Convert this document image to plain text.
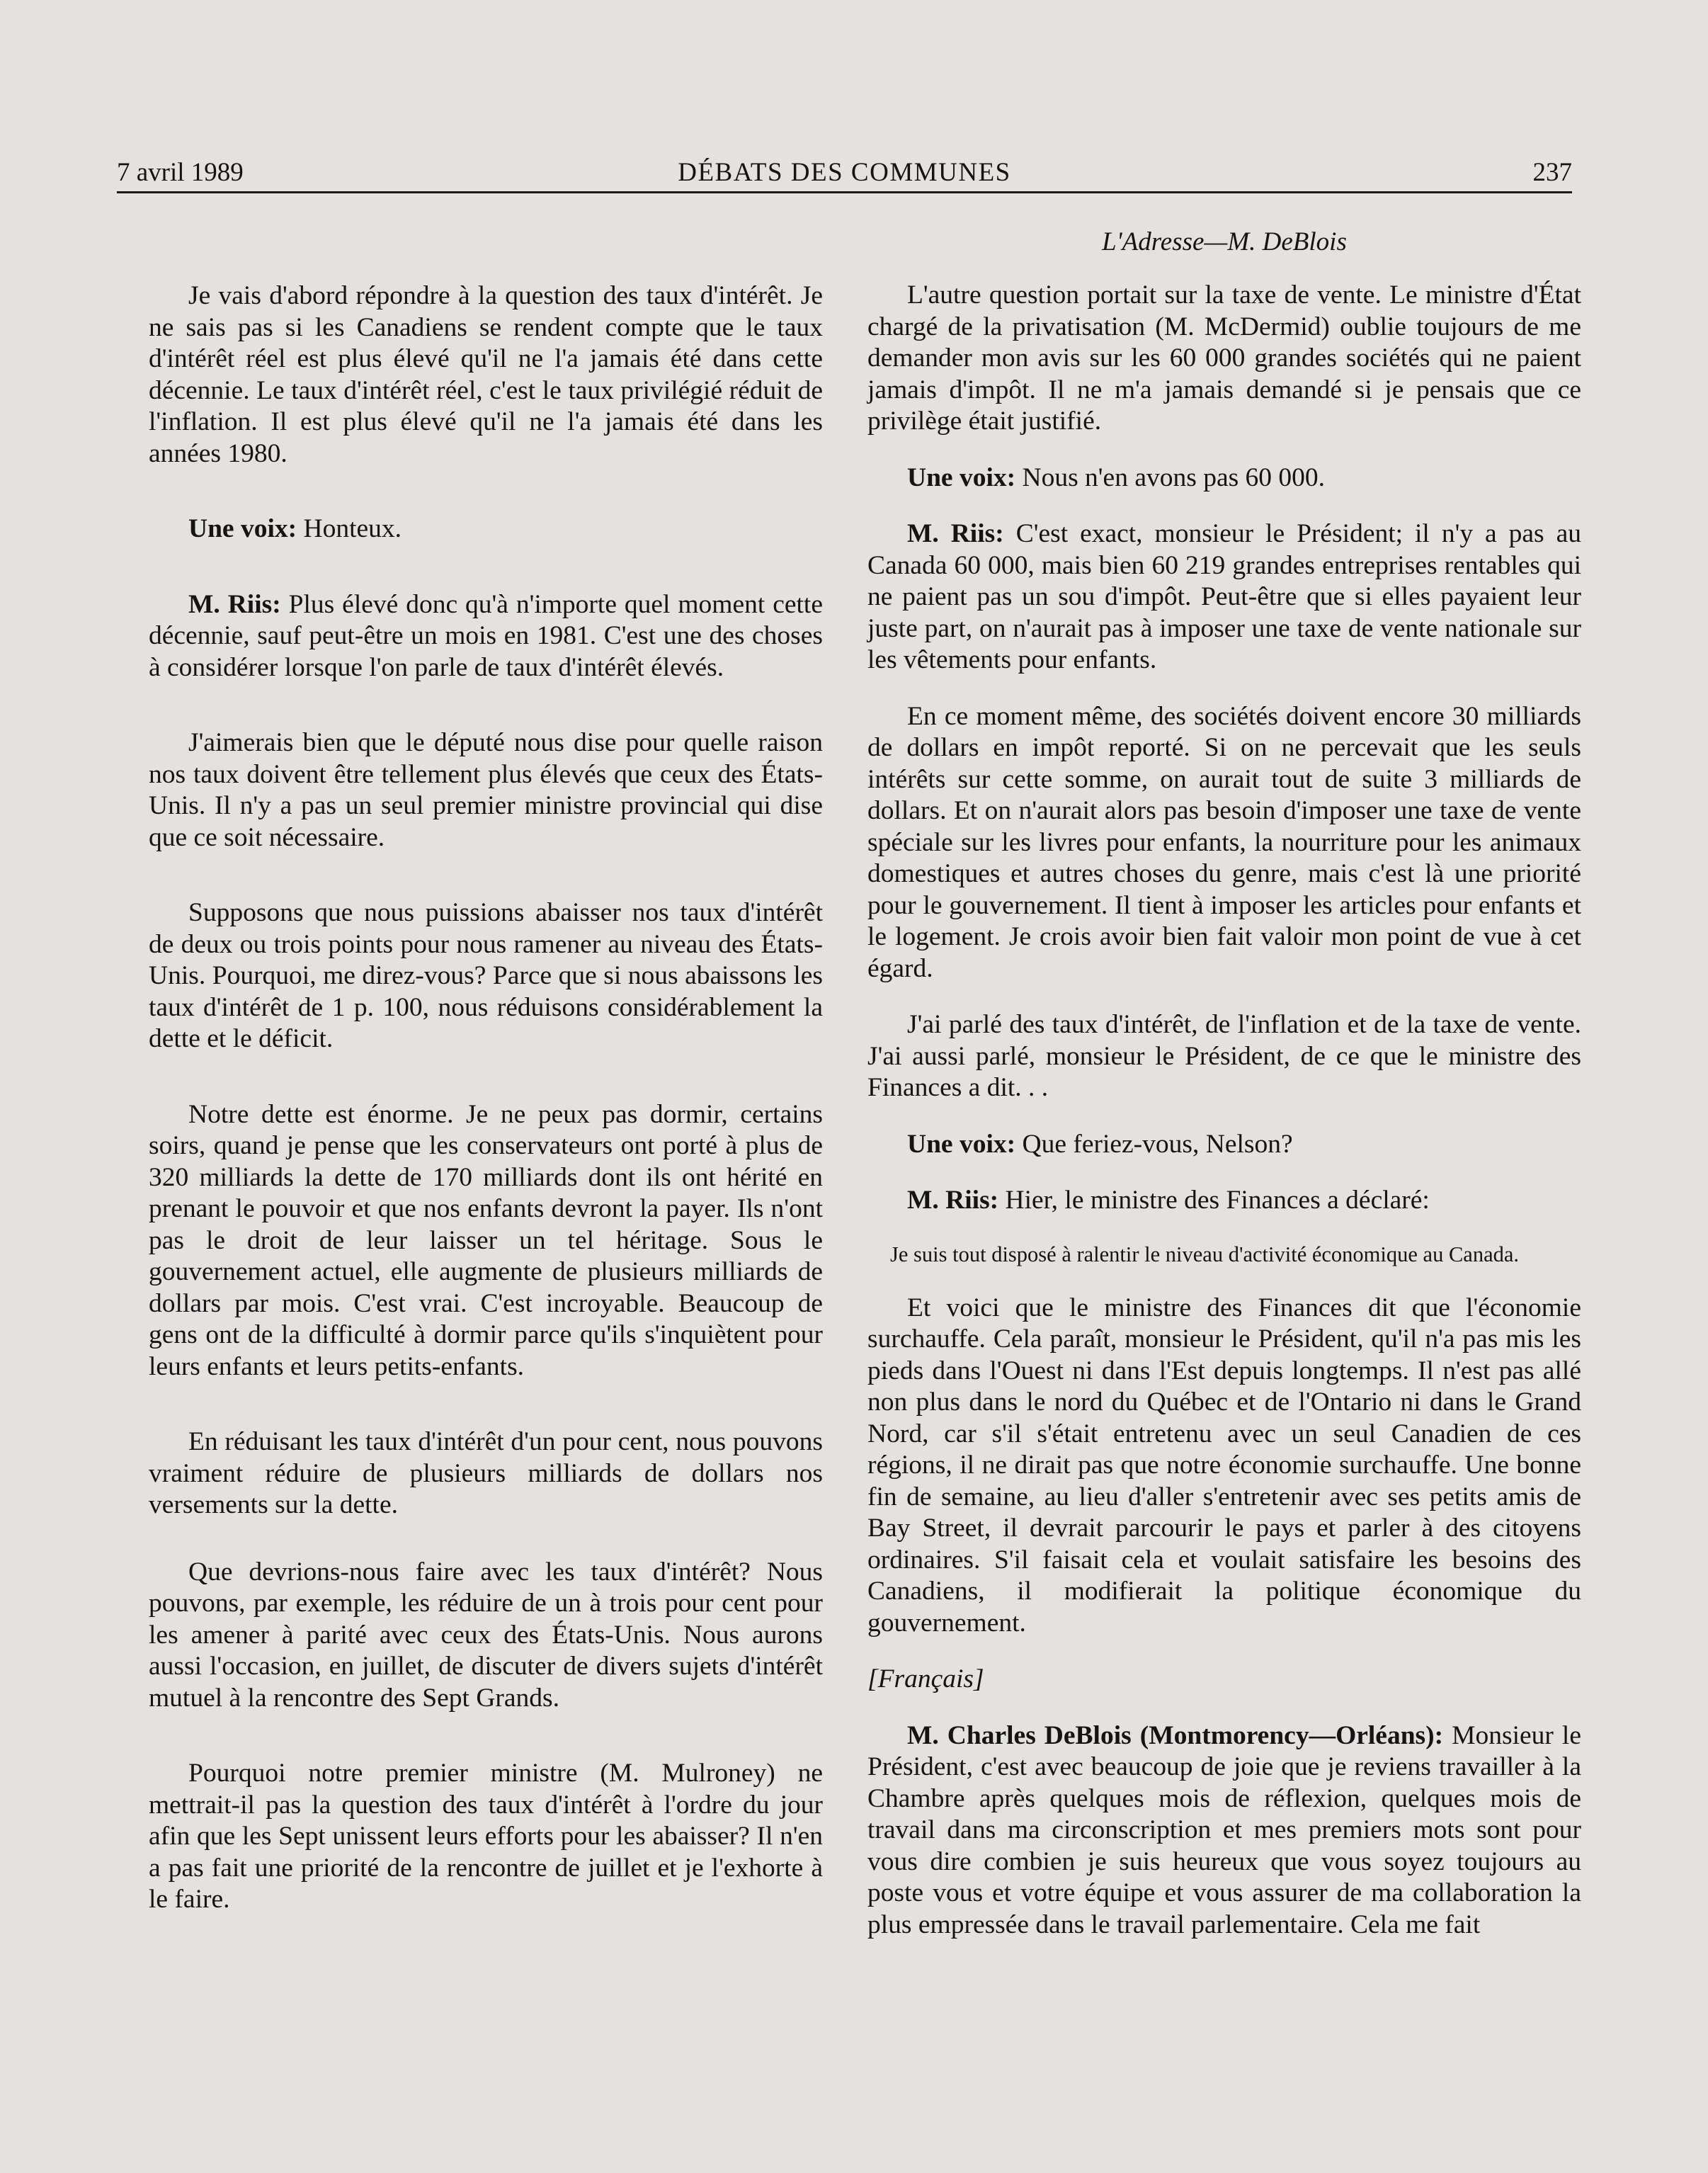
7 avril 1989	DÉBATS DES COMMUNES	237

Je vais d'abord répondre à la question des taux d'intérêt. Je ne sais pas si les Canadiens se rendent compte que le taux d'intérêt réel est plus élevé qu'il ne l'a jamais été dans cette décennie. Le taux d'intérêt réel, c'est le taux privilégié réduit de l'inflation. Il est plus élevé qu'il ne l'a jamais été dans les années 1980.

Une voix: Honteux.

M. Riis: Plus élevé donc qu'à n'importe quel moment cette décennie, sauf peut-être un mois en 1981. C'est une des choses à considérer lorsque l'on parle de taux d'intérêt élevés.

J'aimerais bien que le député nous dise pour quelle raison nos taux doivent être tellement plus élevés que ceux des États-Unis. Il n'y a pas un seul premier ministre provincial qui dise que ce soit nécessaire.

Supposons que nous puissions abaisser nos taux d'intérêt de deux ou trois points pour nous ramener au niveau des États-Unis. Pourquoi, me direz-vous? Parce que si nous abaissons les taux d'intérêt de 1 p. 100, nous réduisons considérablement la dette et le déficit.

Notre dette est énorme. Je ne peux pas dormir, certains soirs, quand je pense que les conservateurs ont porté à plus de 320 milliards la dette de 170 milliards dont ils ont hérité en prenant le pouvoir et que nos enfants devront la payer. Ils n'ont pas le droit de leur laisser un tel héritage. Sous le gouvernement actuel, elle augmente de plusieurs milliards de dollars par mois. C'est vrai. C'est incroyable. Beaucoup de gens ont de la difficulté à dormir parce qu'ils s'inquiètent pour leurs enfants et leurs petits-enfants.

En réduisant les taux d'intérêt d'un pour cent, nous pouvons vraiment réduire de plusieurs milliards de dollars nos versements sur la dette.

Que devrions-nous faire avec les taux d'intérêt? Nous pouvons, par exemple, les réduire de un à trois pour cent pour les amener à parité avec ceux des États-Unis. Nous aurons aussi l'occasion, en juillet, de discuter de divers sujets d'intérêt mutuel à la rencontre des Sept Grands.

Pourquoi notre premier ministre (M. Mulroney) ne mettrait-il pas la question des taux d'intérêt à l'ordre du jour afin que les Sept unissent leurs efforts pour les abaisser? Il n'en a pas fait une priorité de la rencontre de juillet et je l'exhorte à le faire.

L'Adresse—M. DeBlois

L'autre question portait sur la taxe de vente. Le ministre d'État chargé de la privatisation (M. McDermid) oublie toujours de me demander mon avis sur les 60 000 grandes sociétés qui ne paient jamais d'impôt. Il ne m'a jamais demandé si je pensais que ce privilège était justifié.

Une voix: Nous n'en avons pas 60 000.

M. Riis: C'est exact, monsieur le Président; il n'y a pas au Canada 60 000, mais bien 60 219 grandes entreprises rentables qui ne paient pas un sou d'impôt. Peut-être que si elles payaient leur juste part, on n'aurait pas à imposer une taxe de vente nationale sur les vêtements pour enfants.

En ce moment même, des sociétés doivent encore 30 milliards de dollars en impôt reporté. Si on ne percevait que les seuls intérêts sur cette somme, on aurait tout de suite 3 milliards de dollars. Et on n'aurait alors pas besoin d'imposer une taxe de vente spéciale sur les livres pour enfants, la nourriture pour les animaux domestiques et autres choses du genre, mais c'est là une priorité pour le gouvernement. Il tient à imposer les articles pour enfants et le logement. Je crois avoir bien fait valoir mon point de vue à cet égard.

J'ai parlé des taux d'intérêt, de l'inflation et de la taxe de vente. J'ai aussi parlé, monsieur le Président, de ce que le ministre des Finances a dit. . .

Une voix: Que feriez-vous, Nelson?

M. Riis: Hier, le ministre des Finances a déclaré:

Je suis tout disposé à ralentir le niveau d'activité économique au Canada.

Et voici que le ministre des Finances dit que l'économie surchauffe. Cela paraît, monsieur le Président, qu'il n'a pas mis les pieds dans l'Ouest ni dans l'Est depuis longtemps. Il n'est pas allé non plus dans le nord du Québec et de l'Ontario ni dans le Grand Nord, car s'il s'était entretenu avec un seul Canadien de ces régions, il ne dirait pas que notre économie surchauffe. Une bonne fin de semaine, au lieu d'aller s'entretenir avec ses petits amis de Bay Street, il devrait parcourir le pays et parler à des citoyens ordinaires. S'il faisait cela et voulait satisfaire les besoins des Canadiens, il modifierait la politique économique du gouvernement.

[Français]

M. Charles DeBlois (Montmorency—Orléans): Monsieur le Président, c'est avec beaucoup de joie que je reviens travailler à la Chambre après quelques mois de réflexion, quelques mois de travail dans ma circonscription et mes premiers mots sont pour vous dire combien je suis heureux que vous soyez toujours au poste vous et votre équipe et vous assurer de ma collaboration la plus empressée dans le travail parlementaire. Cela me fait
